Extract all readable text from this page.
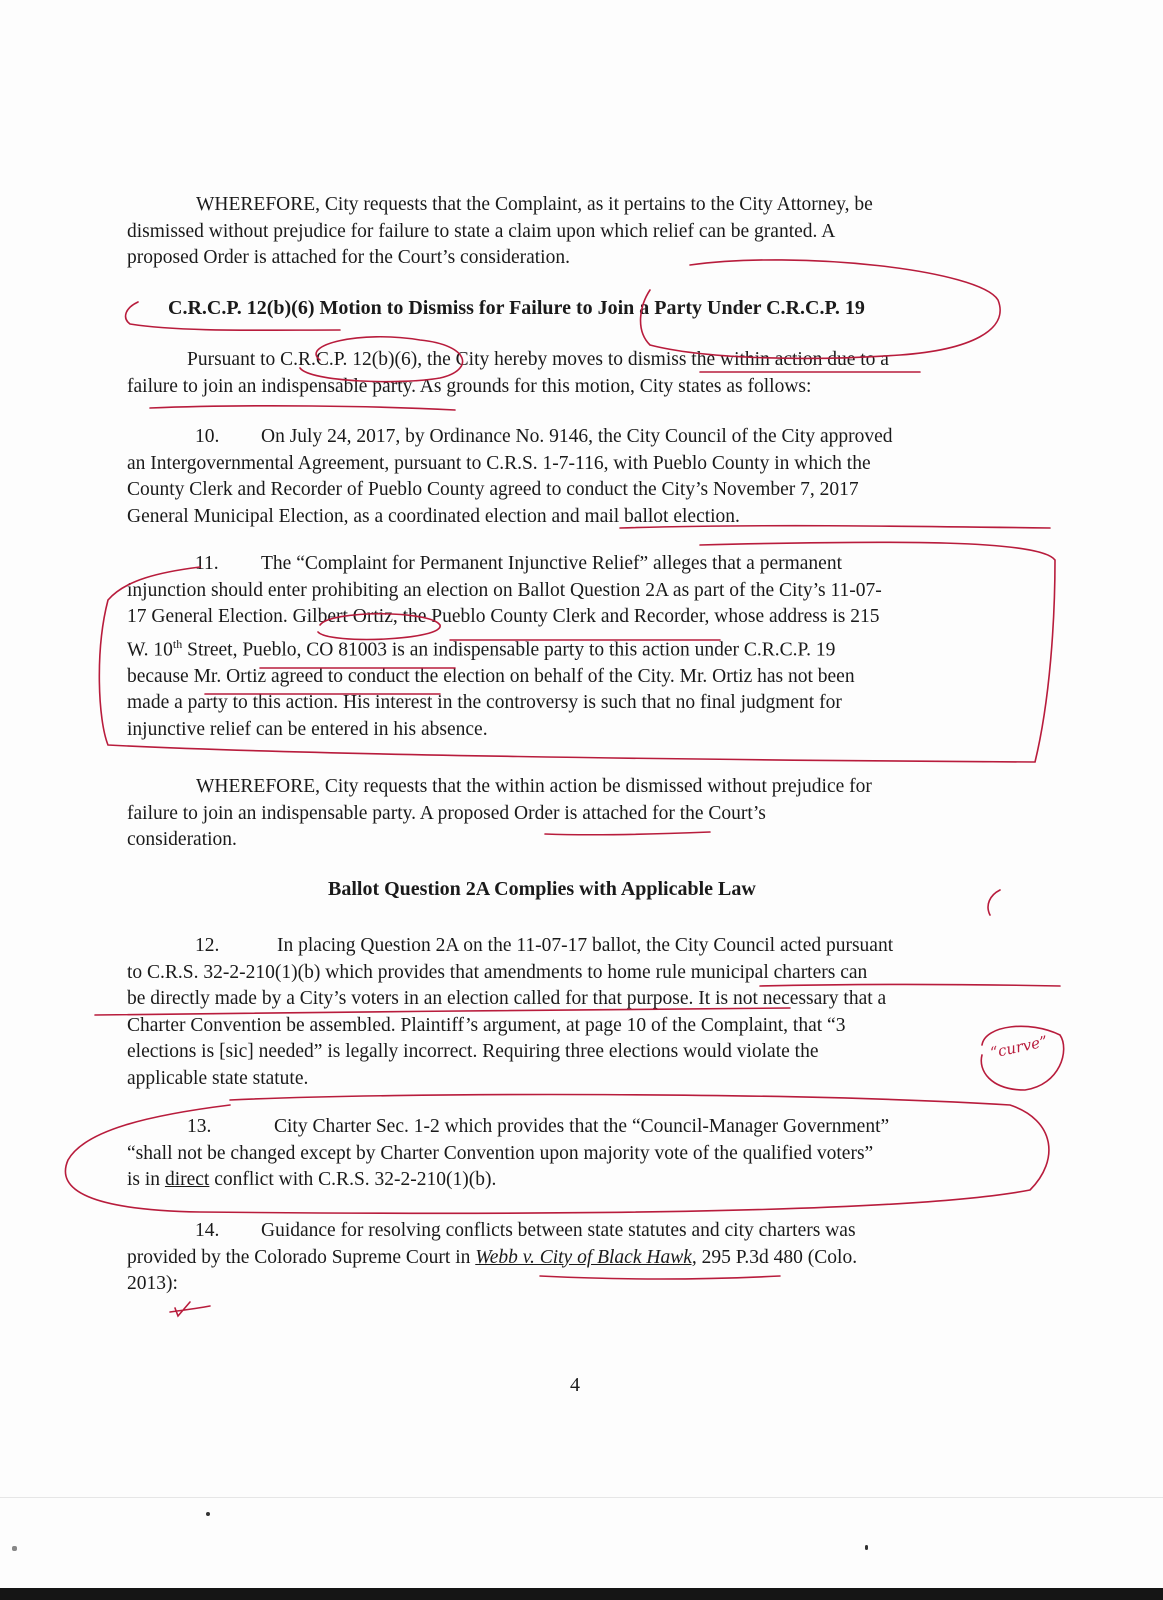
WHEREFORE, City requests that the Complaint, as it pertains to the City Attorney, be
dismissed without prejudice for failure to state a claim upon which relief can be granted. A
proposed Order is attached for the Court’s consideration.

C.R.C.P. 12(b)(6) Motion to Dismiss for Failure to Join a Party Under C.R.C.P. 19

Pursuant to C.R.C.P. 12(b)(6), the City hereby moves to dismiss the within action due to a
failure to join an indispensable party. As grounds for this motion, City states as follows:
10. On July 24, 2017, by Ordinance No. 9146, the City Council of the City approved
an Intergovernmental Agreement, pursuant to C.R.S. 1-7-116, with Pueblo County in which the
County Clerk and Recorder of Pueblo County agreed to conduct the City’s November 7, 2017
General Municipal Election, as a coordinated election and mail ballot election.
11. The “Complaint for Permanent Injunctive Relief” alleges that a permanent
injunction should enter prohibiting an election on Ballot Question 2A as part of the City’s 11-07-
17 General Election. Gilbert Ortiz, the Pueblo County Clerk and Recorder, whose address is 215
W. 10th Street, Pueblo, CO 81003 is an indispensable party to this action under C.R.C.P. 19
because Mr. Ortiz agreed to conduct the election on behalf of the City. Mr. Ortiz has not been
made a party to this action. His interest in the controversy is such that no final judgment for
injunctive relief can be entered in his absence.
WHEREFORE, City requests that the within action be dismissed without prejudice for
failure to join an indispensable party. A proposed Order is attached for the Court’s
consideration.

Ballot Question 2A Complies with Applicable Law

12.	In placing Question 2A on the 11-07-17 ballot, the City Council acted pursuant
to C.R.S. 32-2-210(1)(b) which provides that amendments to home rule municipal charters can
be directly made by a City’s voters in an election called for that purpose. It is not necessary that a
Charter Convention be assembled. Plaintiff’s argument, at page 10 of the Complaint, that “3
elections is [sic] needed” is legally incorrect. Requiring three elections would violate the
applicable state statute.
13.	City Charter Sec. 1-2 which provides that the “Council-Manager Government”
“shall not be changed except by Charter Convention upon majority vote of the qualified voters”
is in direct conflict with C.R.S. 32-2-210(1)(b).
14. Guidance for resolving conflicts between state statutes and city charters was
provided by the Colorado Supreme Court in Webb v. City of Black Hawk, 295 P.3d 480 (Colo.
2013):
4
“curve”
